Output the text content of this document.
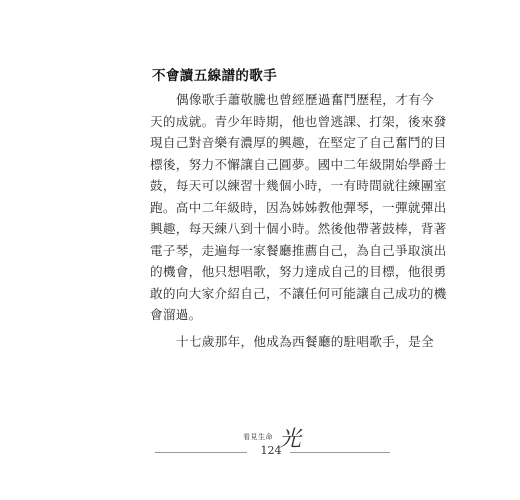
不會讀五線譜的歌手
偶像歌手蕭敬騰也曾經歷過奮鬥歷程，才有今
天的成就。青少年時期，他也曾逃課、打架，後來發
現自己對音樂有濃厚的興趣，在堅定了自己奮鬥的目
標後，努力不懈讓自己圓夢。國中二年級開始學爵士
鼓，每天可以練習十幾個小時，一有時間就往練團室
跑。高中二年級時，因為姊姊教他彈琴，一彈就彈出
興趣，每天練八到十個小時。然後他帶著鼓棒，背著
電子琴，走遍每一家餐廳推薦自己，為自己爭取演出
的機會，他只想唱歌，努力達成自己的目標，他很勇
敢的向大家介紹自己，不讓任何可能讓自己成功的機
會溜過。
十七歲那年，他成為西餐廳的駐唱歌手，是全
看見生命 光
124
